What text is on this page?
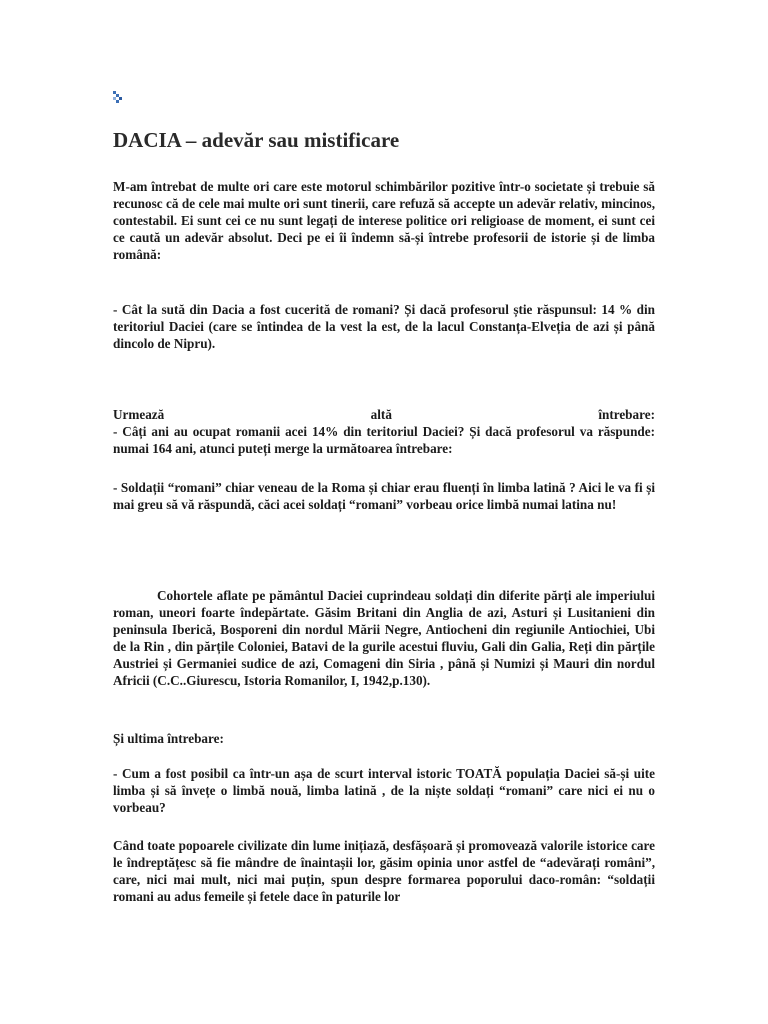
DACIA – adevăr sau mistificare

M-am întrebat de multe ori care este motorul schimbărilor pozitive într-o societate și trebuie să recunosc că de cele mai multe ori sunt tinerii, care refuză să accepte un adevăr relativ, mincinos, contestabil. Ei sunt cei ce nu sunt legați de interese politice ori religioase de moment, ei sunt cei ce caută un adevăr absolut. Deci pe ei îi îndemn să-și întrebe profesorii de istorie și de limba română:

- Cât la sută din Dacia a fost cucerită de romani? Și dacă profesorul știe răspunsul: 14 % din teritoriul Daciei (care se întindea de la vest la est, de la lacul Constanța-Elveția de azi și până dincolo de Nipru).

Urmează	altă	întrebare:
- Câți ani au ocupat romanii acei 14% din teritoriul Daciei? Și dacă profesorul va răspunde: numai 164 ani, atunci puteți merge la următoarea întrebare:

- Soldații “romani” chiar veneau de la Roma și chiar erau fluenți în limba latină ? Aici le va fi și mai greu să vă răspundă, căci acei soldați “romani” vorbeau orice limbă numai latina nu!

Cohortele aflate pe pământul Daciei cuprindeau soldați din diferite părți ale imperiului roman, uneori foarte îndepărtate. Găsim Britani din Anglia de azi, Asturi și Lusitanieni din peninsula Iberică, Bosporeni din nordul Mării Negre, Antiocheni din regiunile Antiochiei, Ubi de la Rin , din părțile Coloniei, Batavi de la gurile acestui fluviu, Gali din Galia, Reți din părțile Austriei și Germaniei sudice de azi, Comageni din Siria , până și Numizi și Mauri din nordul Africii (C.C..Giurescu, Istoria Romanilor, I, 1942,p.130).

Și ultima întrebare:

- Cum a fost posibil ca într-un așa de scurt interval istoric TOATĂ populația Daciei să-și uite limba și să învețe o limbă nouă, limba latină , de la niște soldați “romani” care nici ei nu o vorbeau?

Când toate popoarele civilizate din lume inițiază, desfășoară și promovează valorile istorice care le îndreptățesc să fie mândre de înaintașii lor, găsim opinia unor astfel de “adevărați români”, care, nici mai mult, nici mai puțin, spun despre formarea poporului daco-român: “soldații romani au adus femeile și fetele dace în paturile lor
